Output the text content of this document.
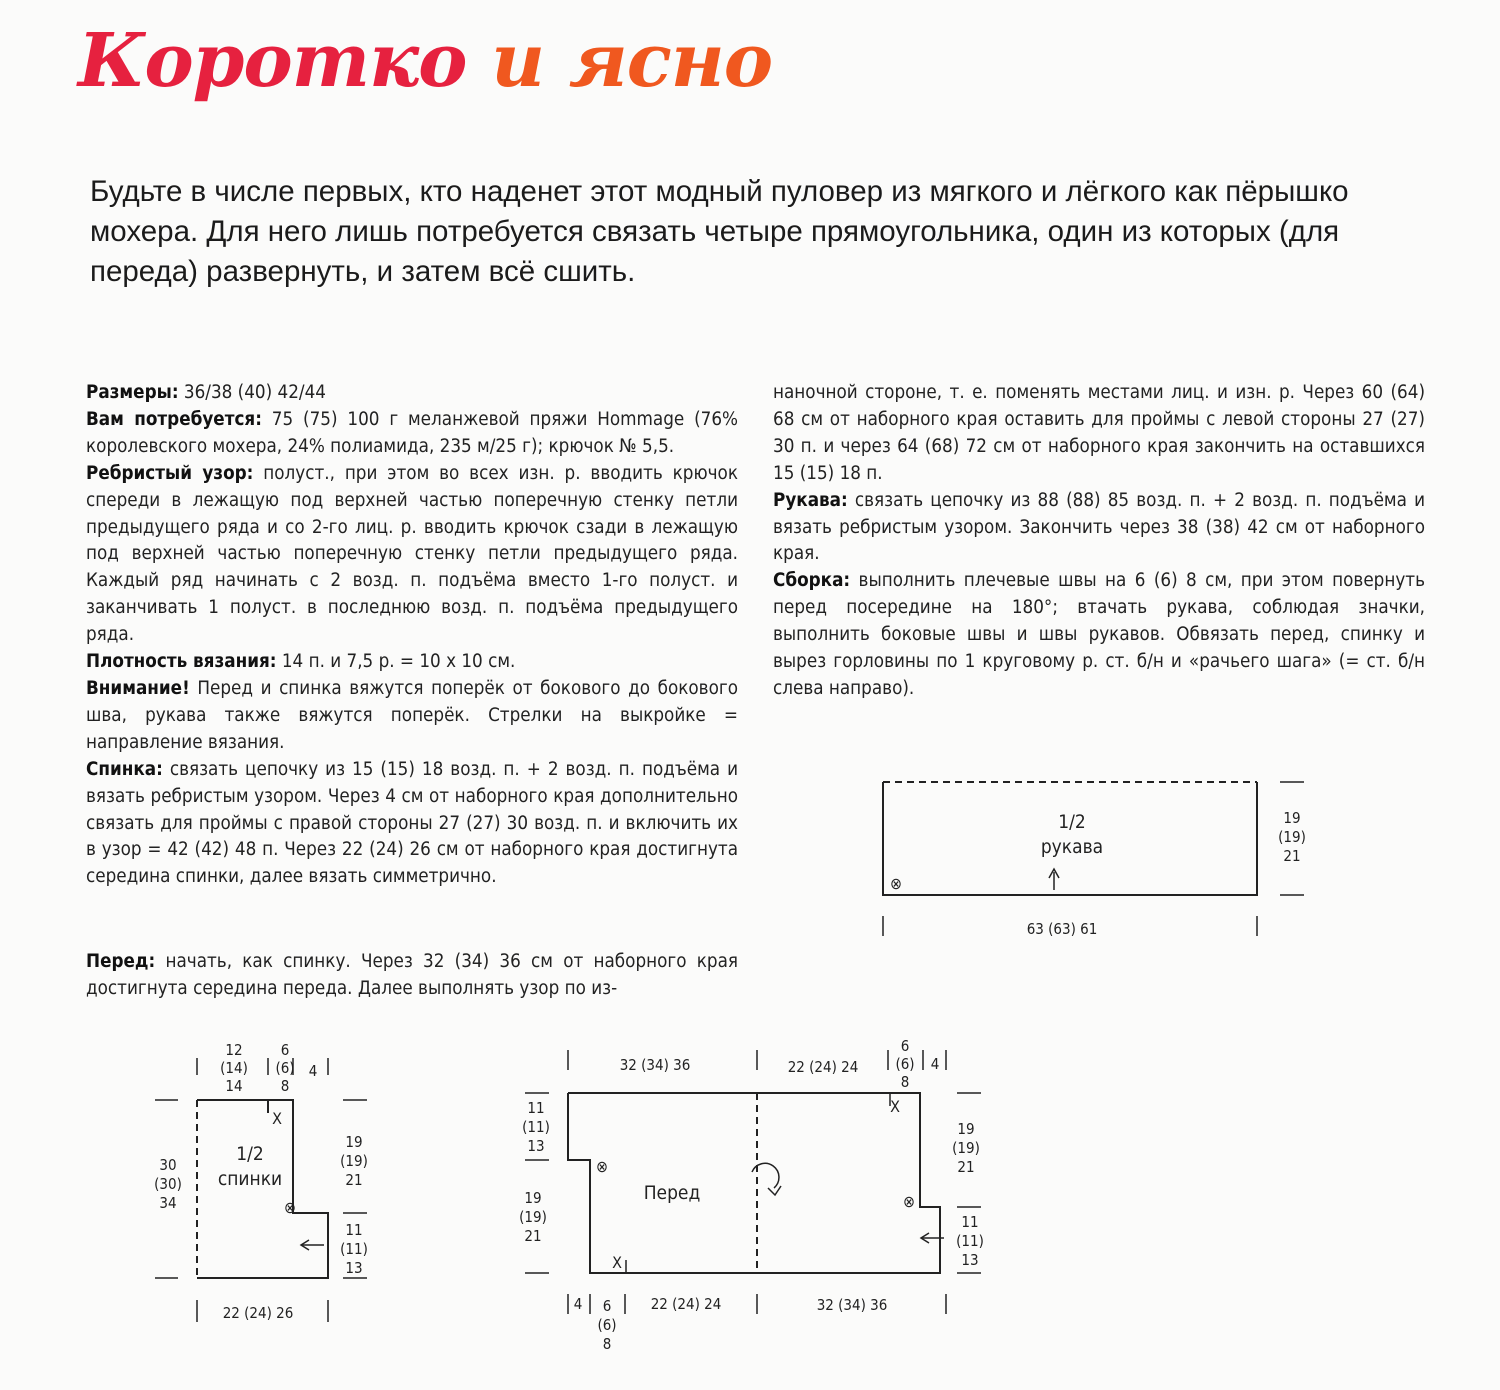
Коротко и ясно

Будьте в числе первых, кто наденет этот модный пуловер из мягкого и лёгкого как пёрышко мохера. Для него лишь потребуется связать четыре прямоугольника, один из которых (для переда) развернуть, и затем всё сшить.

Размеры: 36/38 (40) 42/44

Вам потребуется: 75 (75) 100 г меланжевой пряжи Hommage (76% королевского мохера, 24% полиамида, 235 м/25 г); крючок № 5,5.

Ребристый узор: полуст., при этом во всех изн. р. вводить крючок спереди в лежащую под верхней частью поперечную стенку петли предыдущего ряда и со 2-го лиц. р. вводить крючок сзади в лежащую под верхней частью поперечную стенку петли предыдущего ряда. Каждый ряд начинать с 2 возд. п. подъёма вместо 1-го полуст. и заканчивать 1 полуст. в последнюю возд. п. подъёма предыдущего ряда.

Плотность вязания: 14 п. и 7,5 р. = 10 х 10 см.

Внимание! Перед и спинка вяжутся поперёк от бокового до бокового шва, рукава также вяжутся поперёк. Стрелки на выкройке = направление вязания.

Спинка: связать цепочку из 15 (15) 18 возд. п. + 2 возд. п. подъёма и вязать ребристым узором. Через 4 см от наборного края дополнительно связать для проймы с правой стороны 27 (27) 30 возд. п. и включить их в узор = 42 (42) 48 п. Через 22 (24) 26 см от наборного края достигнута середина спинки, далее вязать симметрично.

наночной стороне, т. е. поменять местами лиц. и изн. р. Через 60 (64) 68 см от наборного края оставить для проймы с левой стороны 27 (27) 30 п. и через 64 (68) 72 см от наборного края закончить на оставшихся 15 (15) 18 п.

Рукава: связать цепочку из 88 (88) 85 возд. п. + 2 возд. п. подъёма и вязать ребристым узором. Закончить через 38 (38) 42 см от наборного края.

Сборка: выполнить плечевые швы на 6 (6) 8 см, при этом повернуть перед посередине на 180°; втачать рукава, соблюдая значки, выполнить боковые швы и швы рукавов. Обвязать перед, спинку и вырез горловины по 1 круговому р. ст. б/н и «рачьего шага» (= ст. б/н слева направо).

Перед: начать, как спинку. Через 32 (34) 36 см от наборного края достигнута середина переда. Далее выполнять узор по из-

1/2
рукава
⊗
63 (63) 61
19
(19)
21
1/2
спинки
X
⊗
12
(14)
14
6
(6)
8
4
30
(30)
34
19
(19)
21
11
(11)
13
22 (24) 26
Перед
X
X
⊗
⊗
32 (34) 36	22 (24) 24
6
(6)
8
4
11
(11)
13
19
(19)
21
19
(19)
21
11
(11)
13
4 6
(6)
8
22 (24) 24	32 (34) 36
